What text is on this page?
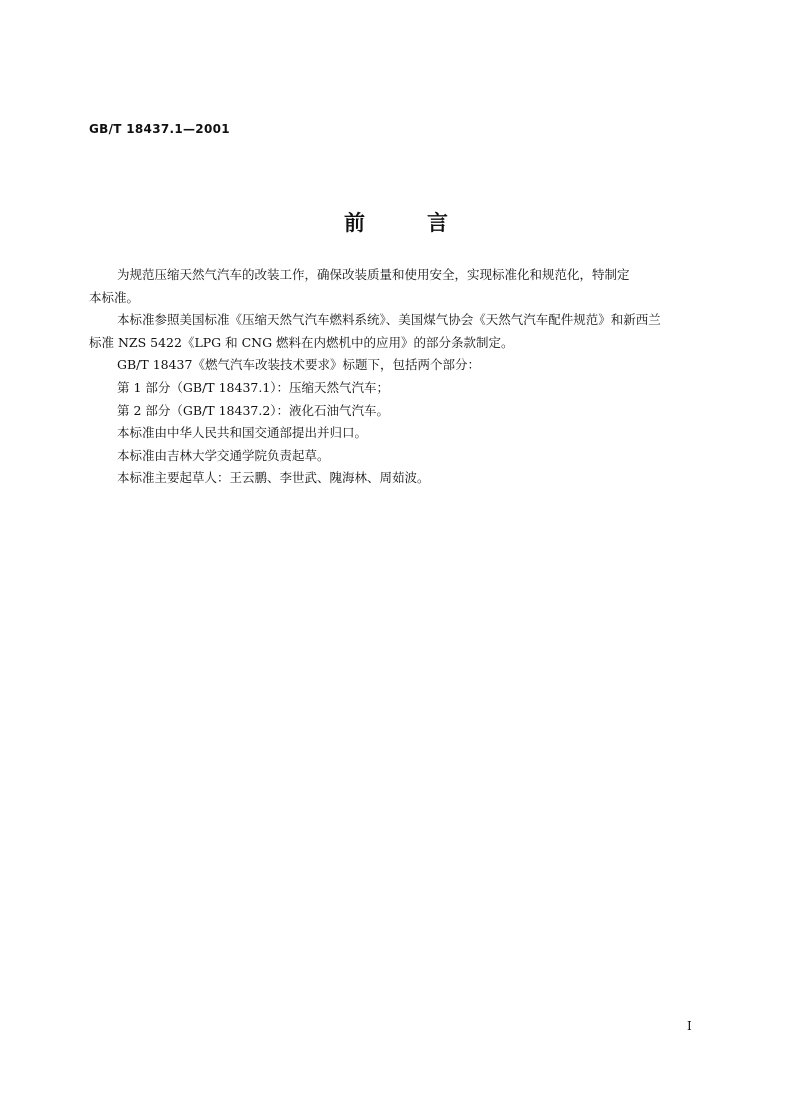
GB/T 18437.1—2001
前	言

为规范压缩天然气汽车的改装工作，确保改装质量和使用安全，实现标准化和规范化，特制定

本标准。

本标准参照美国标准《压缩天然气汽车燃料系统》、美国煤气协会《天然气汽车配件规范》和新西兰

标准 NZS 5422《LPG 和 CNG 燃料在内燃机中的应用》的部分条款制定。

GB/T 18437《燃气汽车改装技术要求》标题下，包括两个部分：

第 1 部分（GB/T 18437.1）：压缩天然气汽车；

第 2 部分（GB/T 18437.2）：液化石油气汽车。

本标准由中华人民共和国交通部提出并归口。

本标准由吉林大学交通学院负责起草。

本标准主要起草人：王云鹏、李世武、隗海林、周茹波。

I
